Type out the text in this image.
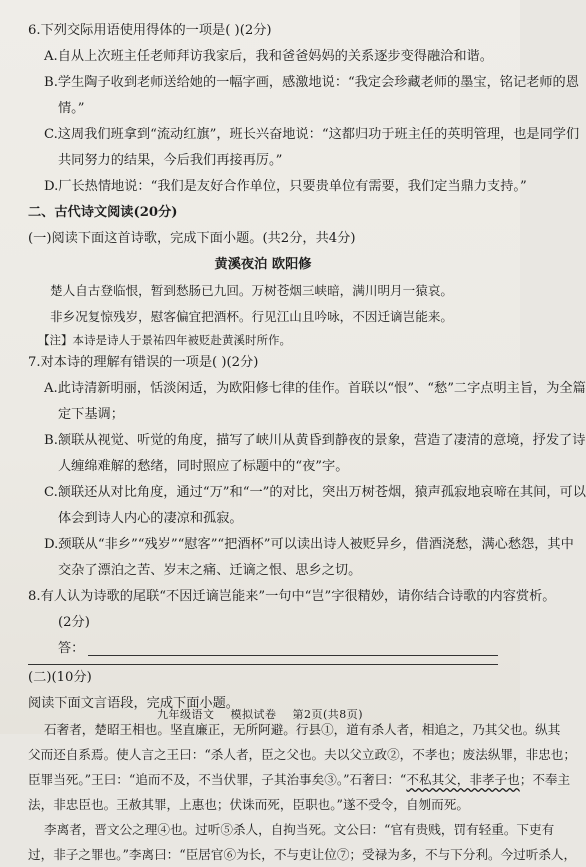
6.下列交际用语使用得体的一项是( )(2分)
A.自从上次班主任老师拜访我家后，我和爸爸妈妈的关系逐步变得融洽和谐。
B.学生陶子收到老师送给她的一幅字画，感激地说：“我定会珍藏老师的墨宝，铭记老师的恩
情。”
C.这周我们班拿到“流动红旗”，班长兴奋地说：“这都归功于班主任的英明管理，也是同学们
共同努力的结果，今后我们再接再厉。”
D.厂长热情地说：“我们是友好合作单位，只要贵单位有需要，我们定当鼎力支持。”
二、古代诗文阅读(20分)
(一)阅读下面这首诗歌，完成下面小题。(共2分，共4分)
黄溪夜泊 欧阳修
楚人自古登临恨，暂到愁肠已九回。万树苍烟三峡暗，满川明月一猿哀。
非乡况复惊残岁，慰客偏宜把酒杯。行见江山且吟咏，不因迁谪岂能来。
【注】本诗是诗人于景祐四年被贬赴黄溪时所作。
7.对本诗的理解有错误的一项是( )(2分)
A.此诗清新明丽，恬淡闲适，为欧阳修七律的佳作。首联以“恨”、“愁”二字点明主旨，为全篇
定下基调；
B.颔联从视觉、听觉的角度，描写了峡川从黄昏到静夜的景象，营造了凄清的意境，抒发了诗
人缠绵难解的愁绪，同时照应了标题中的“夜”字。
C.颔联还从对比角度，通过“万”和“一”的对比，突出万树苍烟，猿声孤寂地哀啼在其间，可以
体会到诗人内心的凄凉和孤寂。
D.颈联从“非乡”“残岁”“慰客”“把酒杯”可以读出诗人被贬异乡，借酒浇愁，满心愁怨，其中
交杂了漂泊之苦、岁末之痛、迁谪之恨、思乡之切。
8.有人认为诗歌的尾联“不因迁谪岂能来”一句中“岂”字很精妙，请你结合诗歌的内容赏析。
(2分)
答：
(二)(10分)
阅读下面文言语段，完成下面小题。
石奢者，楚昭王相也。坚直廉正，无所阿避。行县①，道有杀人者，相追之，乃其父也。纵其
父而还自系焉。使人言之王曰：“杀人者，臣之父也。夫以父立政②，不孝也；废法纵罪，非忠也；
臣罪当死。”王曰：“追而不及，不当伏罪，子其治事矣③。”石奢曰：“不私其父，非孝子也；不奉主
法，非忠臣也。王赦其罪，上惠也；伏诛而死，臣职也。”遂不受令，自刎而死。
李离者，晋文公之理④也。过听⑤杀人，自拘当死。文公曰：“官有贵贱，罚有轻重。下吏有
过，非子之罪也。”李离曰：“臣居官⑥为长，不与吏让位⑦；受禄为多，不与下分利。今过听杀人，
九年级语文 模拟试卷 第2页(共8页)
